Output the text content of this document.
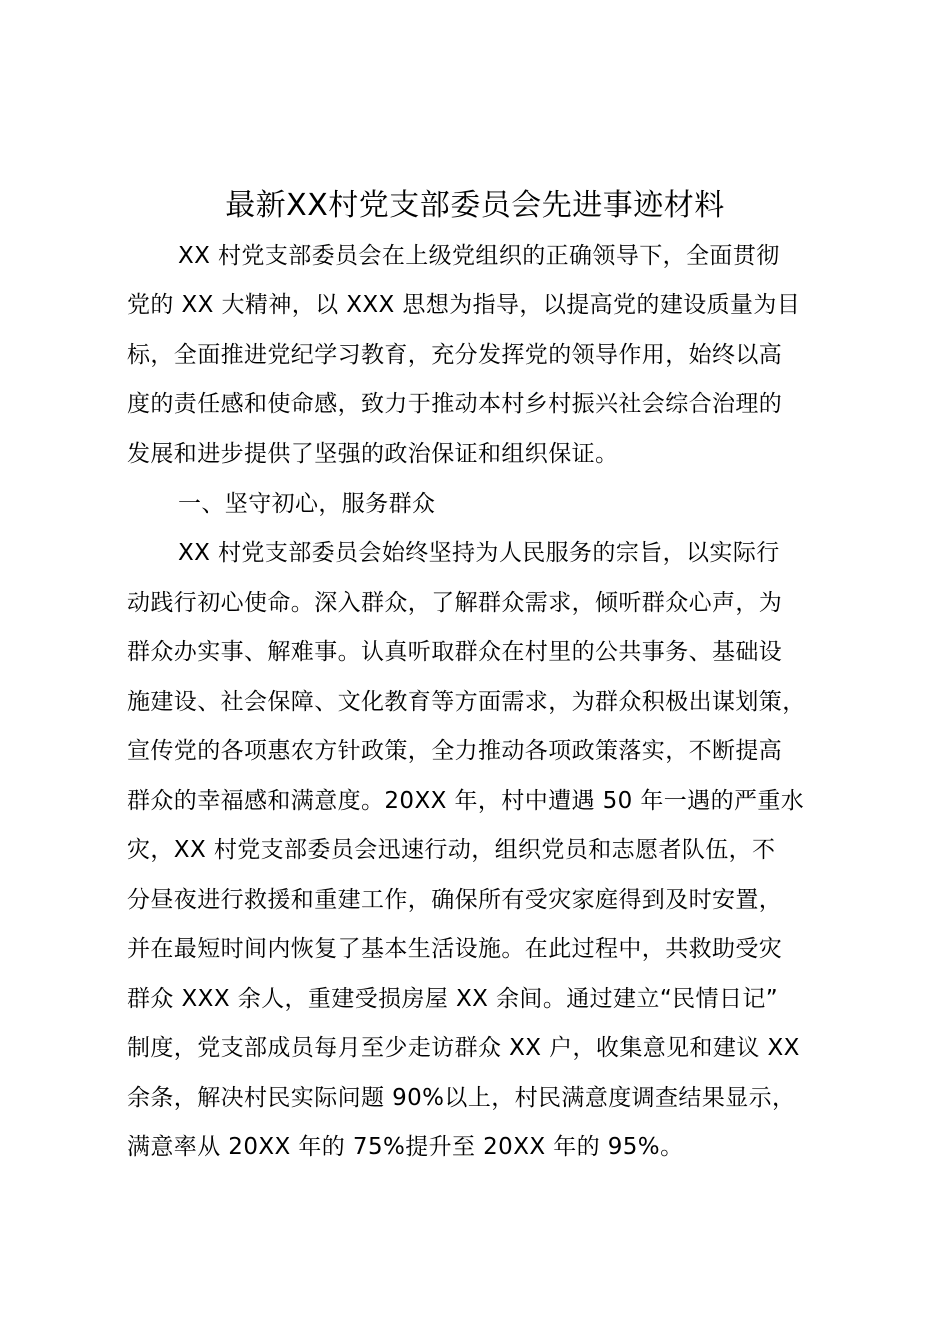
最新XX村党支部委员会先进事迹材料
XX 村党支部委员会在上级党组织的正确领导下，全面贯彻
党的 XX 大精神，以 XXX 思想为指导，以提高党的建设质量为目
标，全面推进党纪学习教育，充分发挥党的领导作用，始终以高
度的责任感和使命感，致力于推动本村乡村振兴社会综合治理的
发展和进步提供了坚强的政治保证和组织保证。
一、坚守初心，服务群众
XX 村党支部委员会始终坚持为人民服务的宗旨，以实际行
动践行初心使命。深入群众，了解群众需求，倾听群众心声，为
群众办实事、解难事。认真听取群众在村里的公共事务、基础设
施建设、社会保障、文化教育等方面需求，为群众积极出谋划策，
宣传党的各项惠农方针政策，全力推动各项政策落实，不断提高
群众的幸福感和满意度。20XX 年，村中遭遇 50 年一遇的严重水
灾，XX 村党支部委员会迅速行动，组织党员和志愿者队伍，不
分昼夜进行救援和重建工作，确保所有受灾家庭得到及时安置，
并在最短时间内恢复了基本生活设施。在此过程中，共救助受灾
群众 XXX 余人，重建受损房屋 XX 余间。通过建立“民情日记”
制度，党支部成员每月至少走访群众 XX 户，收集意见和建议 XX
余条，解决村民实际问题 90%以上，村民满意度调查结果显示，
满意率从 20XX 年的 75%提升至 20XX 年的 95%。
